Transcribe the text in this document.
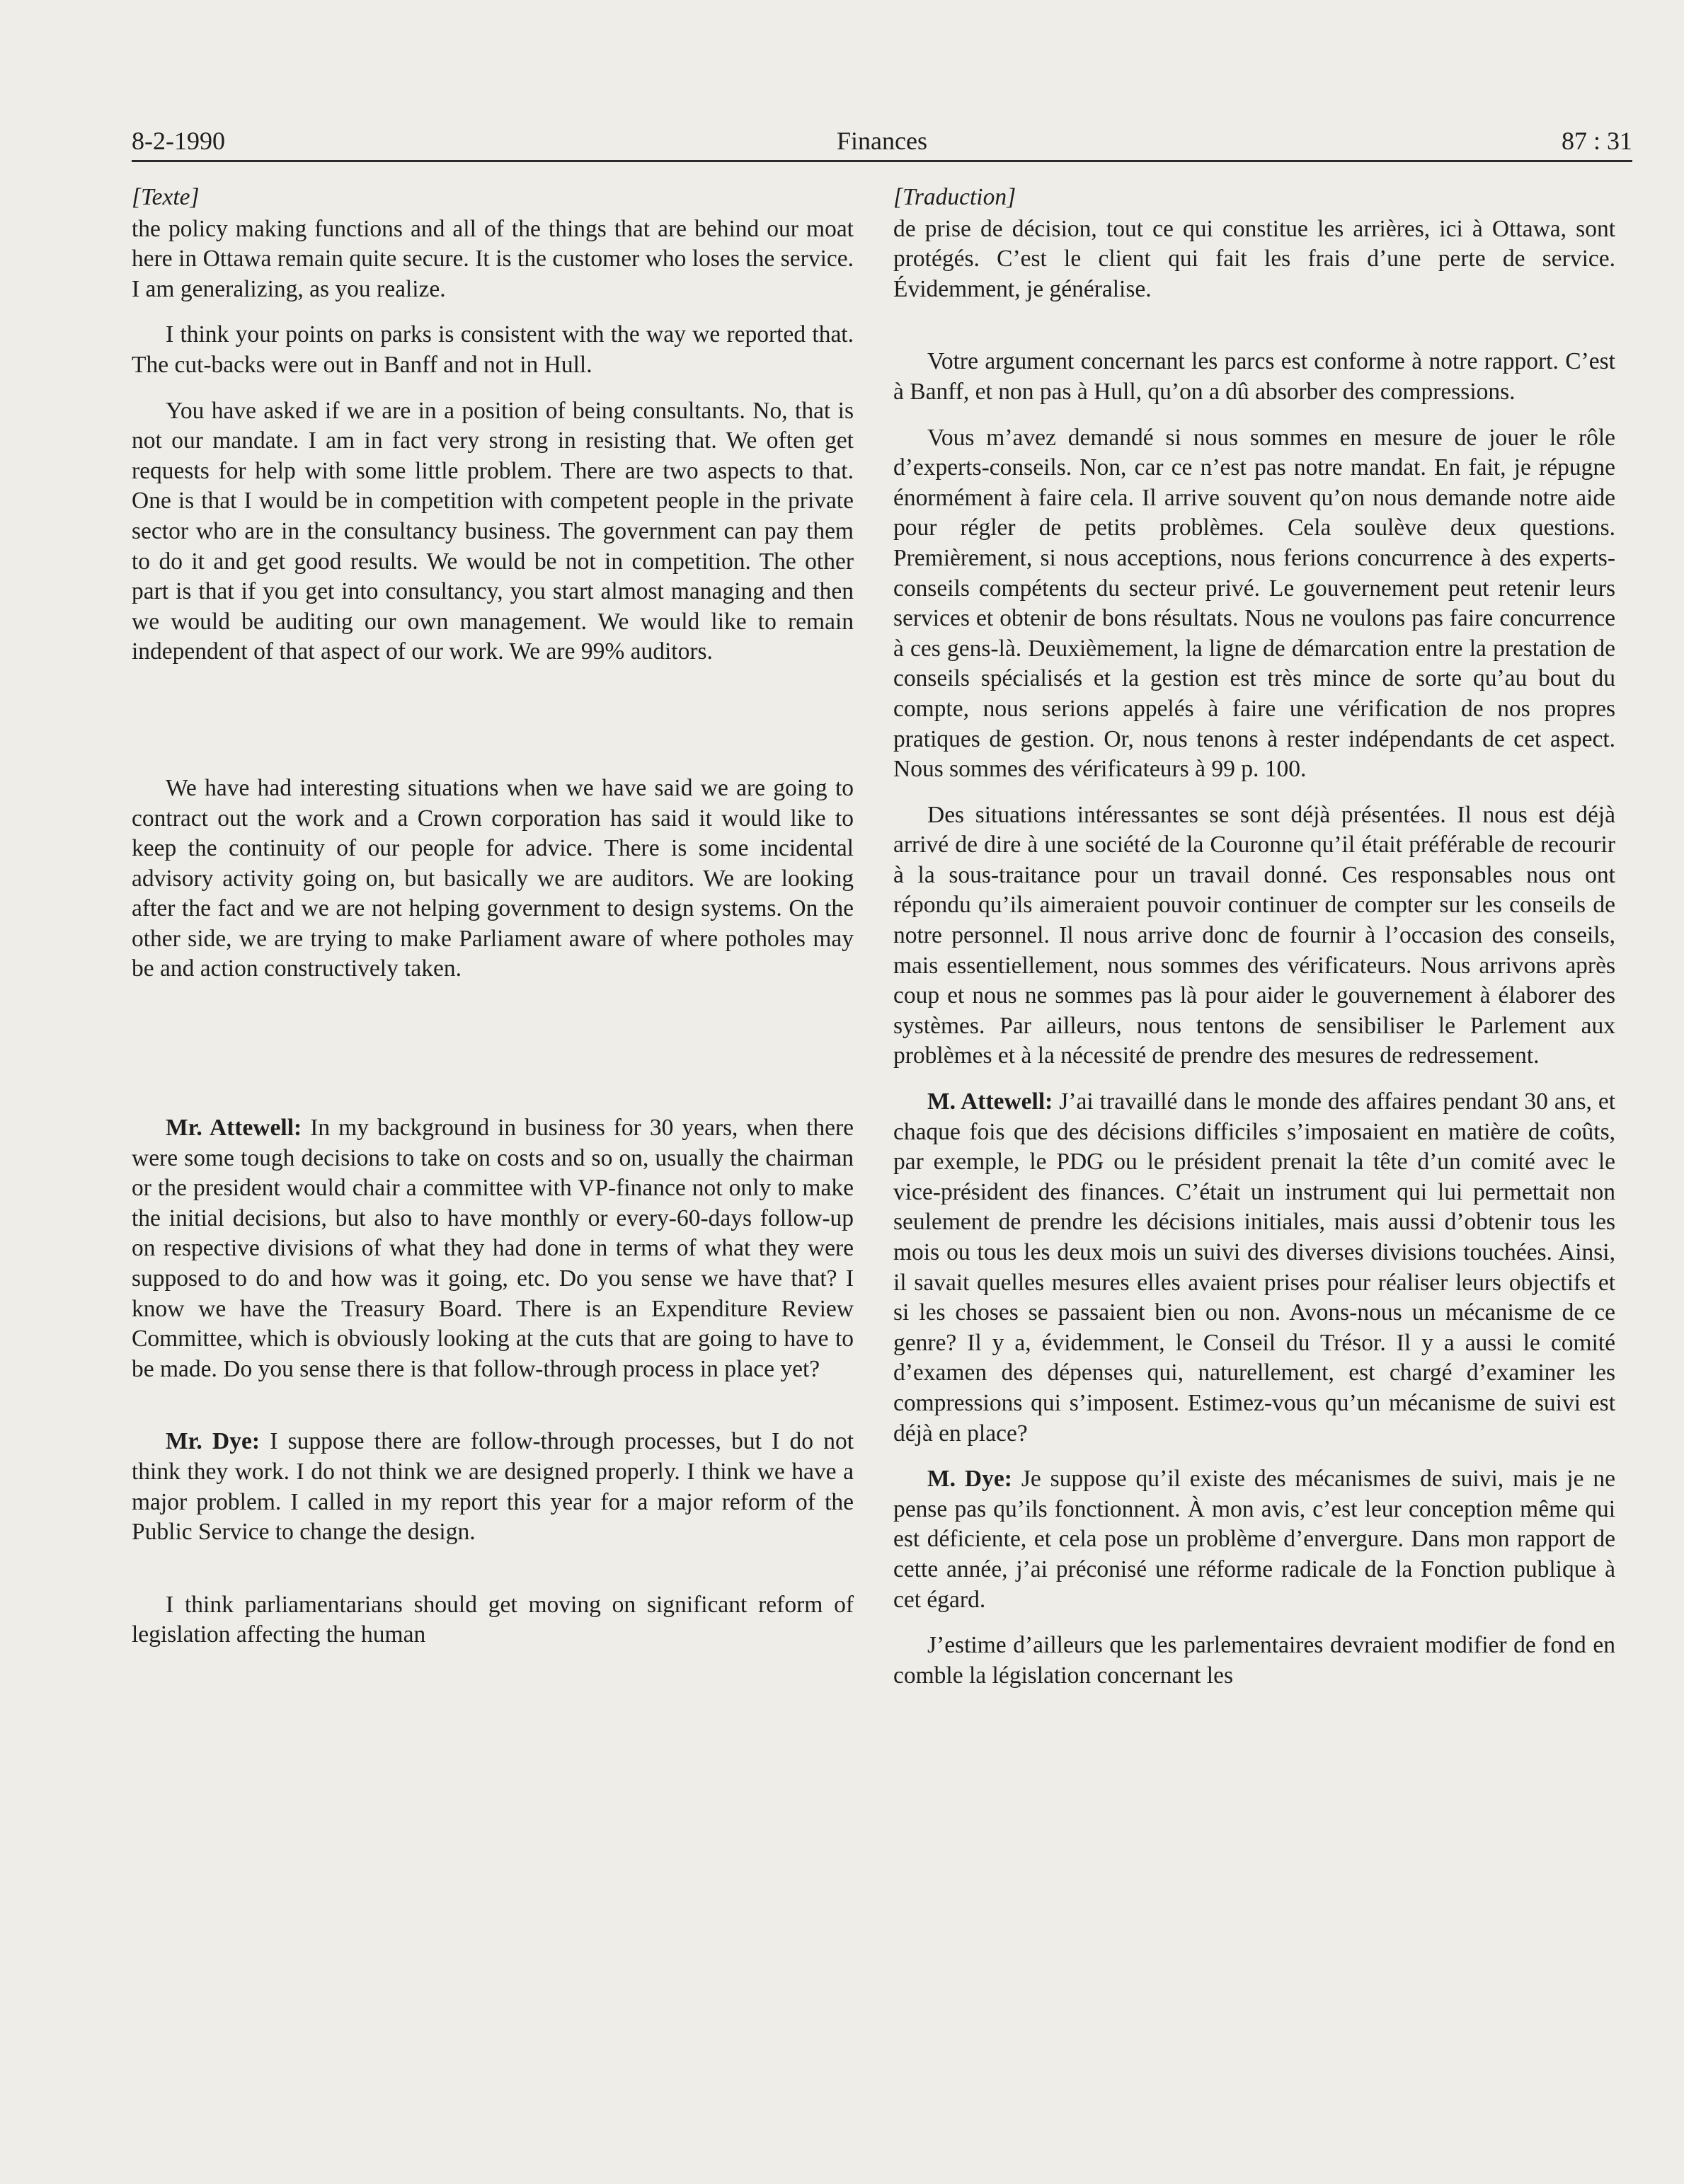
8-2-1990	Finances	87 : 31
[Texte]

the policy making functions and all of the things that are behind our moat here in Ottawa remain quite secure. It is the customer who loses the service. I am generalizing, as you realize.

I think your points on parks is consistent with the way we reported that. The cut-backs were out in Banff and not in Hull.

You have asked if we are in a position of being consultants. No, that is not our mandate. I am in fact very strong in resisting that. We often get requests for help with some little problem. There are two aspects to that. One is that I would be in competition with competent people in the private sector who are in the consultancy business. The government can pay them to do it and get good results. We would be not in competition. The other part is that if you get into consultancy, you start almost managing and then we would be auditing our own management. We would like to remain independent of that aspect of our work. We are 99% auditors.

We have had interesting situations when we have said we are going to contract out the work and a Crown corporation has said it would like to keep the continuity of our people for advice. There is some incidental advisory activity going on, but basically we are auditors. We are looking after the fact and we are not helping government to design systems. On the other side, we are trying to make Parliament aware of where potholes may be and action constructively taken.

Mr. Attewell: In my background in business for 30 years, when there were some tough decisions to take on costs and so on, usually the chairman or the president would chair a committee with VP-finance not only to make the initial decisions, but also to have monthly or every-60-days follow-up on respective divisions of what they had done in terms of what they were supposed to do and how was it going, etc. Do you sense we have that? I know we have the Treasury Board. There is an Expenditure Review Committee, which is obviously looking at the cuts that are going to have to be made. Do you sense there is that follow-through process in place yet?

Mr. Dye: I suppose there are follow-through processes, but I do not think they work. I do not think we are designed properly. I think we have a major problem. I called in my report this year for a major reform of the Public Service to change the design.

I think parliamentarians should get moving on significant reform of legislation affecting the human

[Traduction]

de prise de décision, tout ce qui constitue les arrières, ici à Ottawa, sont protégés. C’est le client qui fait les frais d’une perte de service. Évidemment, je généralise.

Votre argument concernant les parcs est conforme à notre rapport. C’est à Banff, et non pas à Hull, qu’on a dû absorber des compressions.

Vous m’avez demandé si nous sommes en mesure de jouer le rôle d’experts-conseils. Non, car ce n’est pas notre mandat. En fait, je répugne énormément à faire cela. Il arrive souvent qu’on nous demande notre aide pour régler de petits problèmes. Cela soulève deux questions. Premièrement, si nous acceptions, nous ferions concurrence à des experts-conseils compétents du secteur privé. Le gouvernement peut retenir leurs services et obtenir de bons résultats. Nous ne voulons pas faire concurrence à ces gens-là. Deuxièmement, la ligne de démarcation entre la prestation de conseils spécialisés et la gestion est très mince de sorte qu’au bout du compte, nous serions appelés à faire une vérification de nos propres pratiques de gestion. Or, nous tenons à rester indépendants de cet aspect. Nous sommes des vérificateurs à 99 p. 100.

Des situations intéressantes se sont déjà présentées. Il nous est déjà arrivé de dire à une société de la Couronne qu’il était préférable de recourir à la sous-traitance pour un travail donné. Ces responsables nous ont répondu qu’ils aimeraient pouvoir continuer de compter sur les conseils de notre personnel. Il nous arrive donc de fournir à l’occasion des conseils, mais essentiellement, nous sommes des vérificateurs. Nous arrivons après coup et nous ne sommes pas là pour aider le gouvernement à élaborer des systèmes. Par ailleurs, nous tentons de sensibiliser le Parlement aux problèmes et à la nécessité de prendre des mesures de redressement.

M. Attewell: J’ai travaillé dans le monde des affaires pendant 30 ans, et chaque fois que des décisions difficiles s’imposaient en matière de coûts, par exemple, le PDG ou le président prenait la tête d’un comité avec le vice-président des finances. C’était un instrument qui lui permettait non seulement de prendre les décisions initiales, mais aussi d’obtenir tous les mois ou tous les deux mois un suivi des diverses divisions touchées. Ainsi, il savait quelles mesures elles avaient prises pour réaliser leurs objectifs et si les choses se passaient bien ou non. Avons-nous un mécanisme de ce genre? Il y a, évidemment, le Conseil du Trésor. Il y a aussi le comité d’examen des dépenses qui, naturellement, est chargé d’examiner les compressions qui s’imposent. Estimez-vous qu’un mécanisme de suivi est déjà en place?

M. Dye: Je suppose qu’il existe des mécanismes de suivi, mais je ne pense pas qu’ils fonctionnent. À mon avis, c’est leur conception même qui est déficiente, et cela pose un problème d’envergure. Dans mon rapport de cette année, j’ai préconisé une réforme radicale de la Fonction publique à cet égard.

J’estime d’ailleurs que les parlementaires devraient modifier de fond en comble la législation concernant les
